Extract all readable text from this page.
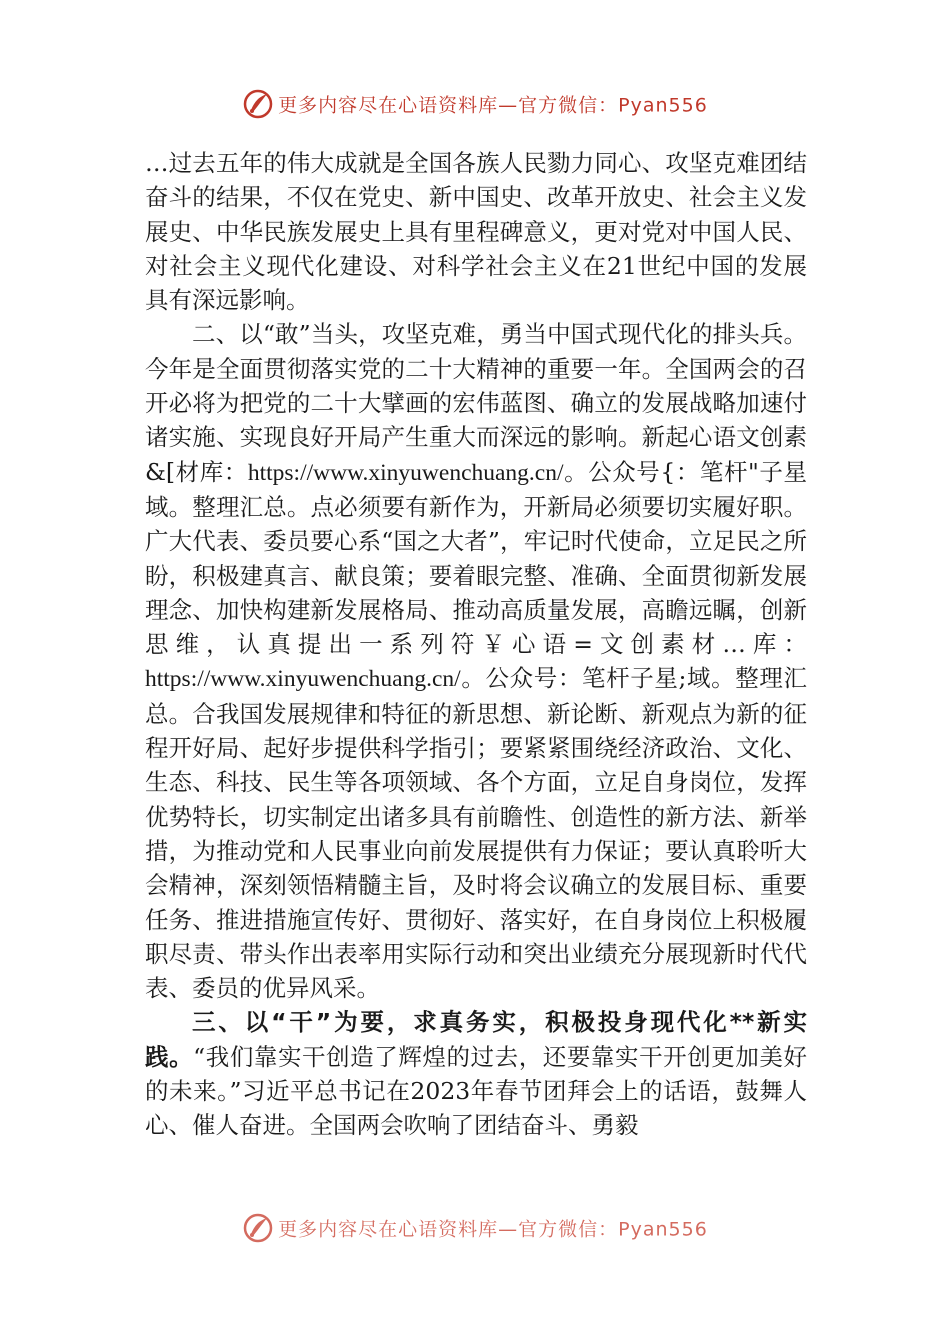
更多内容尽在心语资料库—官方微信：Pyan556

…过去五年的伟大成就是全国各族人民勠力同心、攻坚克难团结奋斗的结果，不仅在党史、新中国史、改革开放史、社会主义发展史、中华民族发展史上具有里程碑意义，更对党对中国人民、对社会主义现代化建设、对科学社会主义在21世纪中国的发展具有深远影响。

二、以“敢”当头，攻坚克难，勇当中国式现代化的排头兵。今年是全面贯彻落实党的二十大精神的重要一年。全国两会的召开必将为把党的二十大擘画的宏伟蓝图、确立的发展战略加速付诸实施、实现良好开局产生重大而深远的影响。新起心语文创素&[材库：https://www.xinyuwenchuang.cn/。公众号{：笔杆"子星域。整理汇总。点必须要有新作为，开新局必须要切实履好职。广大代表、委员要心系“国之大者”，牢记时代使命，立足民之所盼，积极建真言、献良策；要着眼完整、准确、全面贯彻新发展理念、加快构建新发展格局、推动高质量发展，高瞻远瞩，创新思维，认真提出一系列符￥心语=文创素材…库：https://www.xinyuwenchuang.cn/。公众号：笔杆子星;域。整理汇总。合我国发展规律和特征的新思想、新论断、新观点为新的征程开好局、起好步提供科学指引；要紧紧围绕经济政治、文化、生态、科技、民生等各项领域、各个方面，立足自身岗位，发挥优势特长，切实制定出诸多具有前瞻性、创造性的新方法、新举措，为推动党和人民事业向前发展提供有力保证；要认真聆听大会精神，深刻领悟精髓主旨，及时将会议确立的发展目标、重要任务、推进措施宣传好、贯彻好、落实好，在自身岗位上积极履职尽责、带头作出表率用实际行动和突出业绩充分展现新时代代表、委员的优异风采。

三、以“干”为要，求真务实，积极投身现代化**新实践。“我们靠实干创造了辉煌的过去，还要靠实干开创更加美好的未来。”习近平总书记在2023年春节团拜会上的话语，鼓舞人心、催人奋进。全国两会吹响了团结奋斗、勇毅

更多内容尽在心语资料库—官方微信：Pyan556
